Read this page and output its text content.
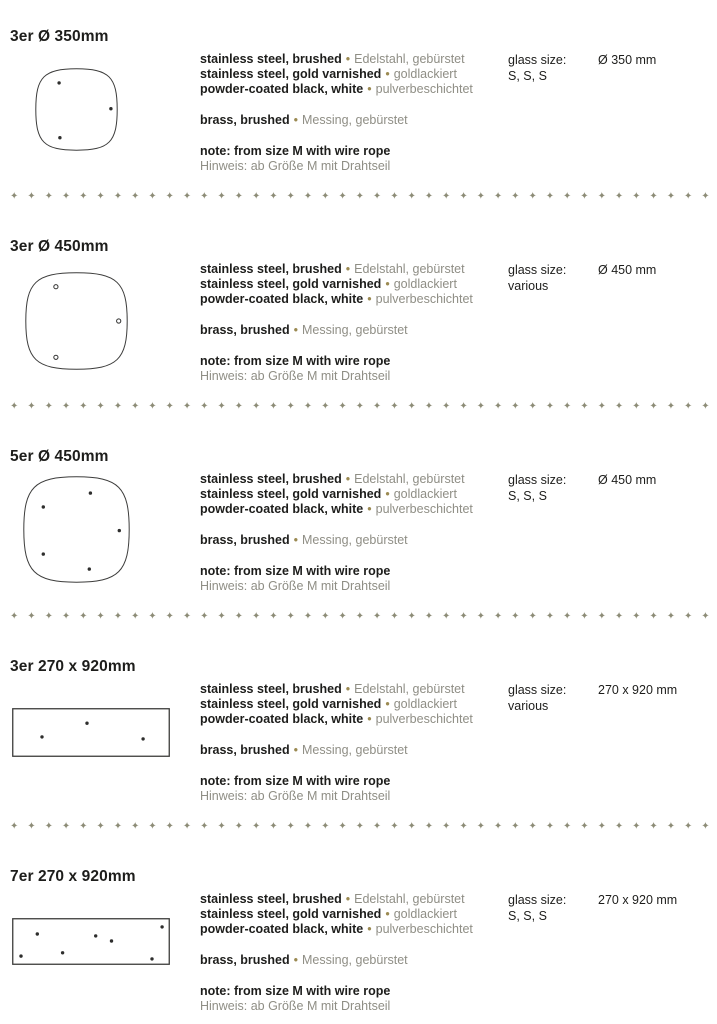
3er Ø 350mm

stainless steel, brushed • Edelstahl, gebürstet

stainless steel, gold varnished • goldlackiert

powder-coated black, white • pulverbeschichtet

brass, brushed • Messing, gebürstet

note: from size M with wire rope

Hinweis: ab Größe M mit Drahtseil

glass size:
S, S, S
Ø 350 mm
✦ ✦ ✦ ✦ ✦ ✦ ✦ ✦ ✦ ✦ ✦ ✦ ✦ ✦ ✦ ✦ ✦ ✦ ✦ ✦ ✦ ✦ ✦ ✦ ✦ ✦ ✦ ✦ ✦ ✦ ✦ ✦ ✦ ✦ ✦ ✦ ✦ ✦ ✦ ✦ ✦
3er Ø 450mm

stainless steel, brushed • Edelstahl, gebürstet

stainless steel, gold varnished • goldlackiert

powder-coated black, white • pulverbeschichtet

brass, brushed • Messing, gebürstet

note: from size M with wire rope

Hinweis: ab Größe M mit Drahtseil

glass size:
various
Ø 450 mm
✦ ✦ ✦ ✦ ✦ ✦ ✦ ✦ ✦ ✦ ✦ ✦ ✦ ✦ ✦ ✦ ✦ ✦ ✦ ✦ ✦ ✦ ✦ ✦ ✦ ✦ ✦ ✦ ✦ ✦ ✦ ✦ ✦ ✦ ✦ ✦ ✦ ✦ ✦ ✦ ✦
5er Ø 450mm

stainless steel, brushed • Edelstahl, gebürstet

stainless steel, gold varnished • goldlackiert

powder-coated black, white • pulverbeschichtet

brass, brushed • Messing, gebürstet

note: from size M with wire rope

Hinweis: ab Größe M mit Drahtseil

glass size:
S, S, S
Ø 450 mm
✦ ✦ ✦ ✦ ✦ ✦ ✦ ✦ ✦ ✦ ✦ ✦ ✦ ✦ ✦ ✦ ✦ ✦ ✦ ✦ ✦ ✦ ✦ ✦ ✦ ✦ ✦ ✦ ✦ ✦ ✦ ✦ ✦ ✦ ✦ ✦ ✦ ✦ ✦ ✦ ✦
3er 270 x 920mm

stainless steel, brushed • Edelstahl, gebürstet

stainless steel, gold varnished • goldlackiert

powder-coated black, white • pulverbeschichtet

brass, brushed • Messing, gebürstet

note: from size M with wire rope

Hinweis: ab Größe M mit Drahtseil

glass size:
various
270 x 920 mm
✦ ✦ ✦ ✦ ✦ ✦ ✦ ✦ ✦ ✦ ✦ ✦ ✦ ✦ ✦ ✦ ✦ ✦ ✦ ✦ ✦ ✦ ✦ ✦ ✦ ✦ ✦ ✦ ✦ ✦ ✦ ✦ ✦ ✦ ✦ ✦ ✦ ✦ ✦ ✦ ✦
7er 270 x 920mm

stainless steel, brushed • Edelstahl, gebürstet

stainless steel, gold varnished • goldlackiert

powder-coated black, white • pulverbeschichtet

brass, brushed • Messing, gebürstet

note: from size M with wire rope

Hinweis: ab Größe M mit Drahtseil

glass size:
S, S, S
270 x 920 mm
